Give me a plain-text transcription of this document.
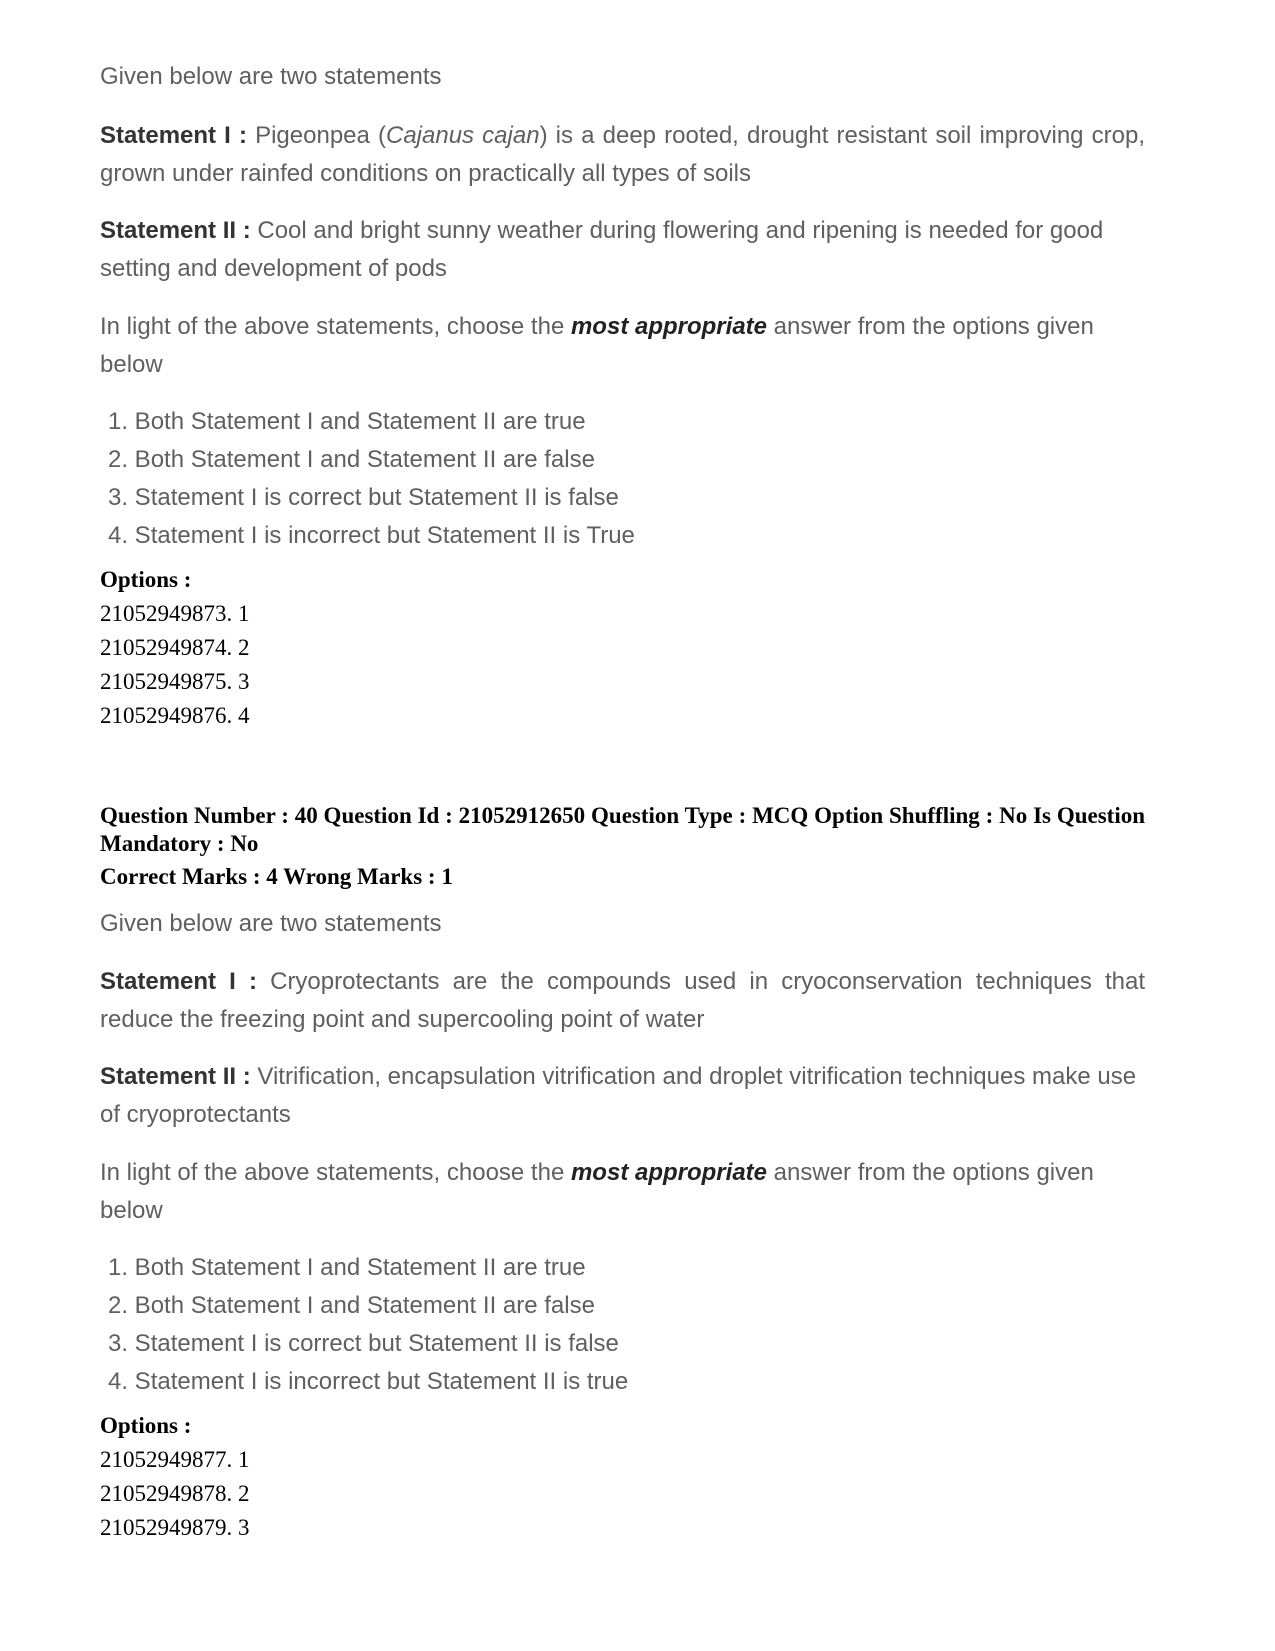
Given below are two statements

Statement I : Pigeonpea (Cajanus cajan) is a deep rooted, drought resistant soil improving crop, grown under rainfed conditions on practically all types of soils

Statement II : Cool and bright sunny weather during flowering and ripening is needed for good setting and development of pods

In light of the above statements, choose the most appropriate answer from the options given below

1. Both Statement I and Statement II are true
2. Both Statement I and Statement II are false
3. Statement I is correct but Statement II is false
4. Statement I is incorrect but Statement II is True

Options :

21052949873. 1

21052949874. 2

21052949875. 3

21052949876. 4

Question Number : 40 Question Id : 21052912650 Question Type : MCQ Option Shuffling : No Is Question Mandatory : No

Correct Marks : 4 Wrong Marks : 1

Given below are two statements

Statement I : Cryoprotectants are the compounds used in cryoconservation techniques that reduce the freezing point and supercooling point of water

Statement II : Vitrification, encapsulation vitrification and droplet vitrification techniques make use of cryoprotectants

In light of the above statements, choose the most appropriate answer from the options given below

1. Both Statement I and Statement II are true
2. Both Statement I and Statement II are false
3. Statement I is correct but Statement II is false
4. Statement I is incorrect but Statement II is true

Options :

21052949877. 1

21052949878. 2

21052949879. 3
